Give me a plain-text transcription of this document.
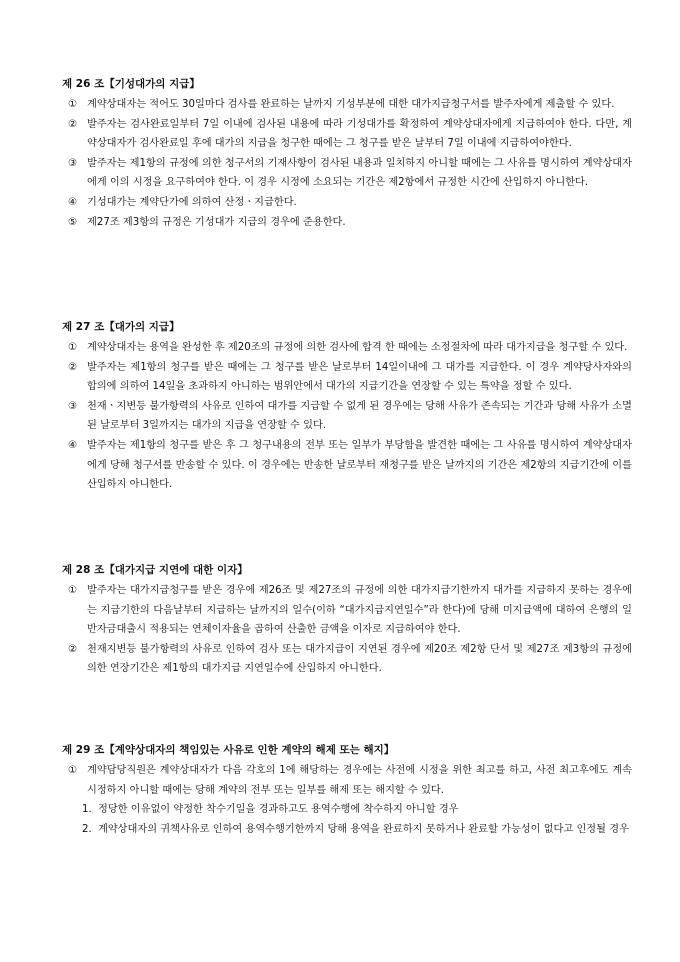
제 26 조【기성대가의 지급】
① 계약상대자는 적어도 30일마다 검사를 완료하는 날까지 기성부분에 대한 대가지급청구서를 발주자에게 제출할 수 있다.
② 발주자는 검사완료일부터 7일 이내에 검사된 내용에 따라 기성대가를 확정하여 계약상대자에게 지급하여야 한다. 다만, 계약상대자가 검사완료일 후에 대가의 지급을 청구한 때에는 그 청구를 받은 날부터 7일 이내에 지급하여야한다.
③ 발주자는 제1항의 규정에 의한 청구서의 기재사항이 검사된 내용과 일치하지 아니할 때에는 그 사유를 명시하여 계약상대자에게 이의 시정을 요구하여야 한다. 이 경우 시정에 소요되는 기간은 제2항에서 규정한 시간에 산입하지 아니한다.
④ 기성대가는 계약단가에 의하여 산정ㆍ지급한다.
⑤ 제27조 제3항의 규정은 기성대가 지급의 경우에 준용한다.
제 27 조【대가의 지급】
① 계약상대자는 용역을 완성한 후 제20조의 규정에 의한 검사에 합격 한 때에는 소정절차에 따라 대가지급을 청구할 수 있다.
② 발주자는 제1항의 청구를 받은 때에는 그 청구를 받은 날로부터 14일이내에 그 대가를 지급한다. 이 경우 계약당사자와의 합의에 의하여 14일을 초과하지 아니하는 범위안에서 대가의 지급기간을 연장할 수 있는 특약을 정할 수 있다.
③ 천재ㆍ지변등 불가항력의 사유로 인하여 대가를 지급할 수 없게 된 경우에는 당해 사유가 존속되는 기간과 당해 사유가 소멸된 날로부터 3일까지는 대가의 지급을 연장할 수 있다.
④ 발주자는 제1항의 청구를 받은 후 그 청구내용의 전부 또는 일부가 부당함을 발견한 때에는 그 사유를 명시하여 계약상대자에게 당해 청구서를 반송할 수 있다. 이 경우에는 반송한 날로부터 재청구를 받은 날까지의 기간은 제2항의 지급기간에 이를 산입하지 아니한다.
제 28 조【대가지급 지연에 대한 이자】
① 발주자는 대가지급청구를 받은 경우에 제26조 및 제27조의 규정에 의한 대가지급기한까지 대가를 지급하지 못하는 경우에는 지급기한의 다음날부터 지급하는 날까지의 일수(이하 “대가지급지연일수”라 한다)에 당해 미지급액에 대하여 은행의 일반자금대출시 적용되는 연체이자율을 곱하여 산출한 금액을 이자로 지급하여야 한다.
② 천재지변등 불가항력의 사유로 인하여 검사 또는 대가지급이 지연된 경우에 제20조 제2항 단서 및 제27조 제3항의 규정에 의한 연장기간은 제1항의 대가지급 지연일수에 산입하지 아니한다.
제 29 조【계약상대자의 책임있는 사유로 인한 계약의 해제 또는 해지】
① 계약담당직원은 계약상대자가 다음 각호의 1에 해당하는 경우에는 사전에 시정을 위한 최고를 하고, 사전 최고후에도 계속 시정하지 아니할 때에는 당해 계약의 전부 또는 일부를 해제 또는 해지할 수 있다.
1. 정당한 이유없이 약정한 착수기일을 경과하고도 용역수행에 착수하지 아니할 경우
2. 계약상대자의 귀책사유로 인하여 용역수행기한까지 당해 용역을 완료하지 못하거나 완료할 가능성이 없다고 인정될 경우
